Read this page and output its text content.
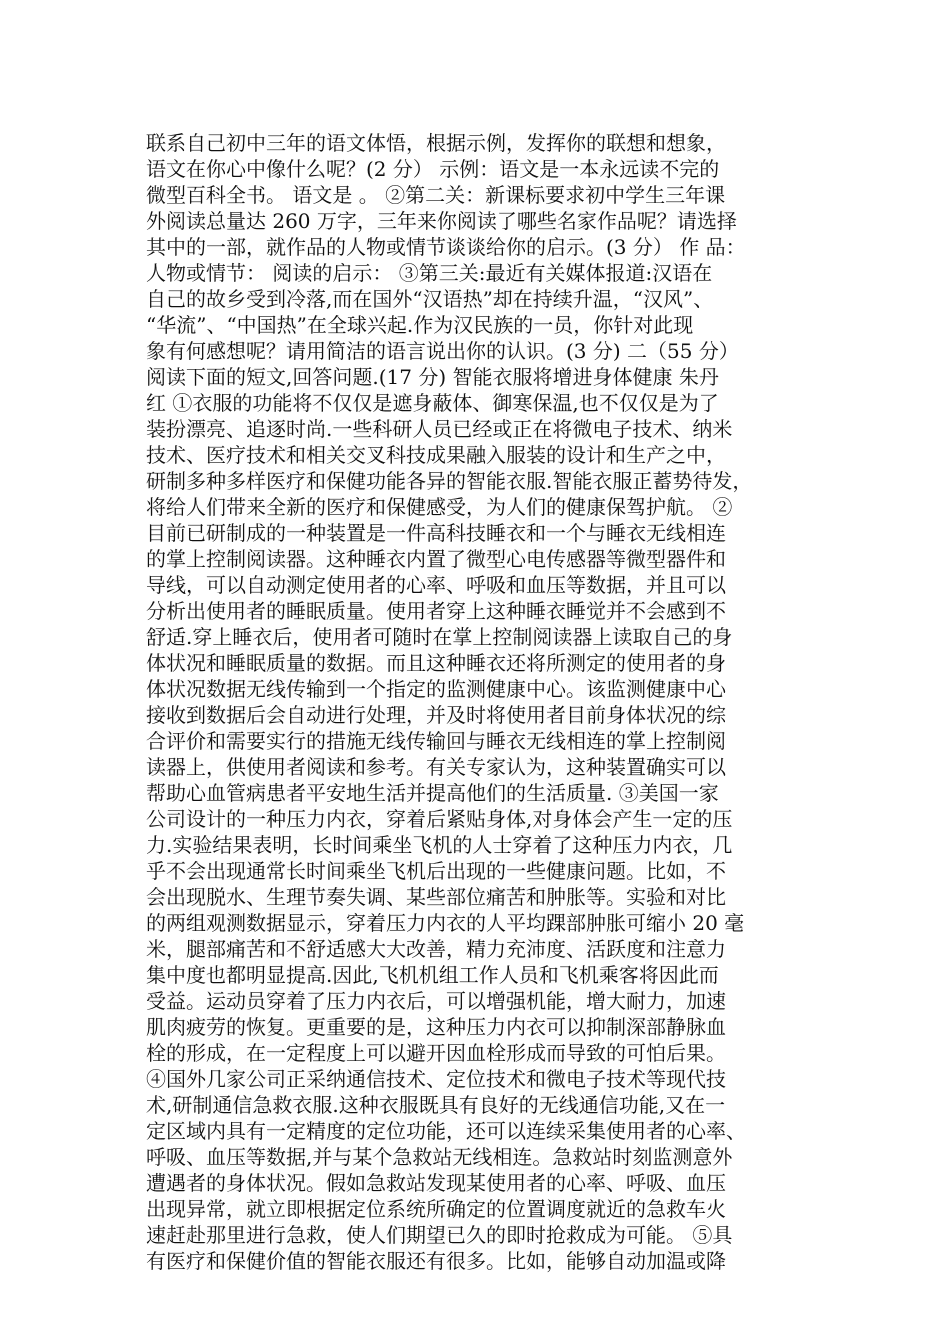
联系自己初中三年的语文体悟，根据示例，发挥你的联想和想象，
语文在你心中像什么呢？(2 分） 示例：语文是一本永远读不完的
微型百科全书。 语文是 。 ②第二关：新课标要求初中学生三年课
外阅读总量达 260 万字，三年来你阅读了哪些名家作品呢？请选择
其中的一部，就作品的人物或情节谈谈给你的启示。(3 分） 作 品：
人物或情节： 阅读的启示： ③第三关:最近有关媒体报道:汉语在
自己的故乡受到冷落,而在国外“汉语热”却在持续升温，“汉风”、
“华流”、“中国热”在全球兴起.作为汉民族的一员，你针对此现
象有何感想呢？请用简洁的语言说出你的认识。(3 分) 二（55 分）
阅读下面的短文,回答问题.(17 分) 智能衣服将增进身体健康 朱丹
红 ①衣服的功能将不仅仅是遮身蔽体、御寒保温,也不仅仅是为了
装扮漂亮、追逐时尚.一些科研人员已经或正在将微电子技术、纳米
技术、医疗技术和相关交叉科技成果融入服装的设计和生产之中，
研制多种多样医疗和保健功能各异的智能衣服.智能衣服正蓄势待发，
将给人们带来全新的医疗和保健感受，为人们的健康保驾护航。 ②
目前已研制成的一种装置是一件高科技睡衣和一个与睡衣无线相连
的掌上控制阅读器。这种睡衣内置了微型心电传感器等微型器件和
导线，可以自动测定使用者的心率、呼吸和血压等数据，并且可以
分析出使用者的睡眠质量。使用者穿上这种睡衣睡觉并不会感到不
舒适.穿上睡衣后，使用者可随时在掌上控制阅读器上读取自己的身
体状况和睡眠质量的数据。而且这种睡衣还将所测定的使用者的身
体状况数据无线传输到一个指定的监测健康中心。该监测健康中心
接收到数据后会自动进行处理，并及时将使用者目前身体状况的综
合评价和需要实行的措施无线传输回与睡衣无线相连的掌上控制阅
读器上，供使用者阅读和参考。有关专家认为，这种装置确实可以
帮助心血管病患者平安地生活并提高他们的生活质量. ③美国一家
公司设计的一种压力内衣，穿着后紧贴身体,对身体会产生一定的压
力.实验结果表明，长时间乘坐飞机的人士穿着了这种压力内衣，几
乎不会出现通常长时间乘坐飞机后出现的一些健康问题。比如，不
会出现脱水、生理节奏失调、某些部位痛苦和肿胀等。实验和对比
的两组观测数据显示，穿着压力内衣的人平均踝部肿胀可缩小 20 毫
米，腿部痛苦和不舒适感大大改善，精力充沛度、活跃度和注意力
集中度也都明显提高.因此,飞机机组工作人员和飞机乘客将因此而
受益。运动员穿着了压力内衣后，可以增强机能，增大耐力，加速
肌肉疲劳的恢复。更重要的是，这种压力内衣可以抑制深部静脉血
栓的形成，在一定程度上可以避开因血栓形成而导致的可怕后果。
④国外几家公司正采纳通信技术、定位技术和微电子技术等现代技
术,研制通信急救衣服.这种衣服既具有良好的无线通信功能,又在一
定区域内具有一定精度的定位功能，还可以连续采集使用者的心率、
呼吸、血压等数据,并与某个急救站无线相连。急救站时刻监测意外
遭遇者的身体状况。假如急救站发现某使用者的心率、呼吸、血压
出现异常，就立即根据定位系统所确定的位置调度就近的急救车火
速赶赴那里进行急救，使人们期望已久的即时抢救成为可能。 ⑤具
有医疗和保健价值的智能衣服还有很多。比如，能够自动加温或降
